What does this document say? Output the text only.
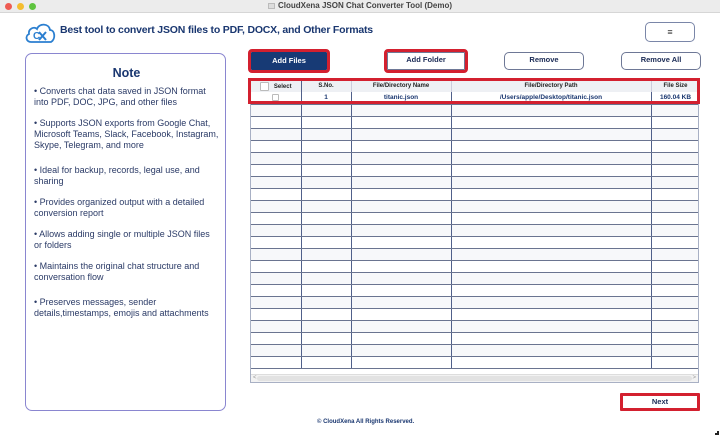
CloudXena JSON Chat Converter Tool (Demo)
C
Best tool to convert JSON files to PDF, DOCX, and Other Formats	≡
Note

• Converts chat data saved in JSON format into PDF, DOC, JPG, and other files

• Supports JSON exports from Google Chat, Microsoft Teams, Slack, Facebook, Instagram, Skype, Telegram, and more

• Ideal for backup, records, legal use, and sharing

• Provides organized output with a detailed conversion report

• Allows adding single or multiple JSON files or folders

• Maintains the original chat structure and conversation flow

• Preserves messages, sender details,timestamps, emojis and attachments

Add Files	Add Folder	Remove	Remove All
Select	S.No.	File/Directory Name	File/Directory Path	File Size
	1	titanic.json	/Users/apple/Desktop/titanic.json	160.04 KB

<	>
Next
© CloudXena All Rights Reserved.
